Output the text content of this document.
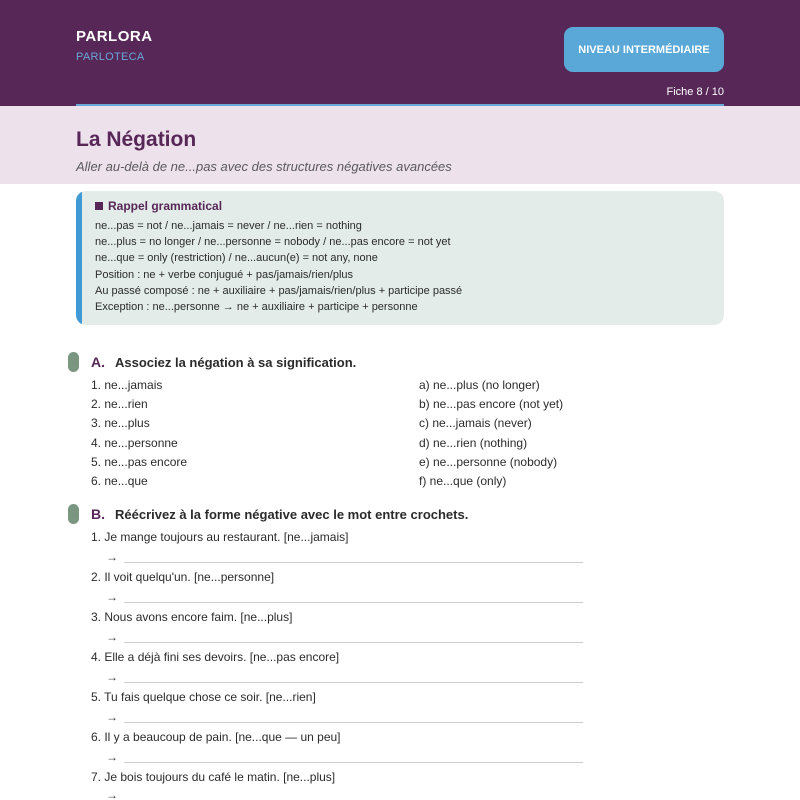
PARLORA
PARLOTECA
NIVEAU INTERMÉDIAIRE
Fiche 8 / 10
La Négation
Aller au-delà de ne...pas avec des structures négatives avancées
Rappel grammatical
ne...pas = not / ne...jamais = never / ne...rien = nothing
ne...plus = no longer / ne...personne = nobody / ne...pas encore = not yet
ne...que = only (restriction) / ne...aucun(e) = not any, none
Position : ne + verbe conjugué + pas/jamais/rien/plus
Au passé composé : ne + auxiliaire + pas/jamais/rien/plus + participe passé
Exception : ne...personne → ne + auxiliaire + participe + personne
A. Associez la négation à sa signification.
1. ne...jamais
2. ne...rien
3. ne...plus
4. ne...personne
5. ne...pas encore
6. ne...que
a) ne...plus (no longer)
b) ne...pas encore (not yet)
c) ne...jamais (never)
d) ne...rien (nothing)
e) ne...personne (nobody)
f) ne...que (only)
B. Réécrivez à la forme négative avec le mot entre crochets.
1. Je mange toujours au restaurant. [ne...jamais]
→
2. Il voit quelqu'un. [ne...personne]
→
3. Nous avons encore faim. [ne...plus]
→
4. Elle a déjà fini ses devoirs. [ne...pas encore]
→
5. Tu fais quelque chose ce soir. [ne...rien]
→
6. Il y a beaucoup de pain. [ne...que — un peu]
→
7. Je bois toujours du café le matin. [ne...plus]
→
